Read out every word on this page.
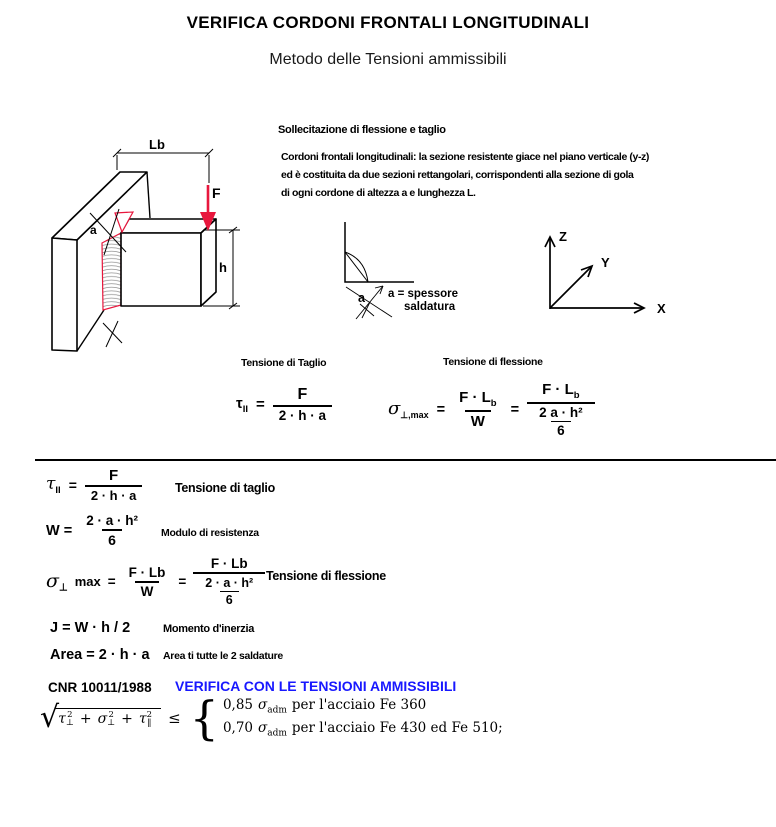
VERIFICA CORDONI FRONTALI LONGITUDINALI
Metodo delle Tensioni ammissibili
Sollecitazione di flessione e taglio
Cordoni frontali longitudinali: la sezione resistente giace nel piano verticale (y-z)
ed è costituita da due sezioni rettangolari, corrispondenti alla sezione di gola
di ogni cordone di altezza a e lunghezza L.
Lb
F
a
h
a a = spessore
saldatura
Z
Y
X
Tensione di Taglio	Tensione di flessione
$\tau_{II} = \frac{F}{2 \cdot h \cdot a}$	$\sigma_{\perp,max} = \frac{F \cdot L_b}{W} = \frac{F \cdot L_b}{\frac{\text{2 a · h²}}{6}}$
$\tau_{II} = \frac{F}{2 \cdot h \cdot a}$	Tensione di taglio
$W = \frac{\text{2 · a · h²}}{6}$ Modulo di resistenza
$\sigma_\perp$ $\max = \frac{F \cdot Lb}{W} = \frac{F \cdot Lb}{\frac{\text{2 · a · h²}}{6}}$ Tensione di flessione
J = W · h / 2	Momento d'inerzia
Area = 2 · h · a Area ti tutte le 2 saldature
CNR 10011/1988 VERIFICA CON LE TENSIONI AMMISSIBILI
√ τ 2
⊥ + σ 2
⊥ + τ 2
‖ ≤ { 0,85 $\sigma_{adm}$ per l'acciaio Fe 360
0,70 $\sigma_{adm}$ per l'acciaio Fe 430 ed Fe 510;
